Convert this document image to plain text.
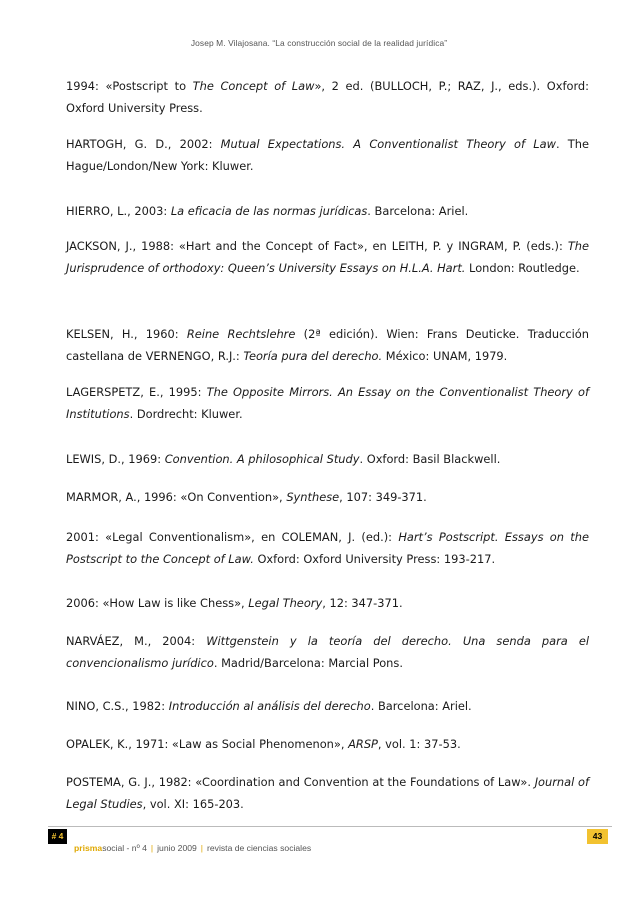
Josep M. Vilajosana. “La construcción social de la realidad jurídica”

1994: «Postscript to The Concept of Law», 2 ed. (BULLOCH, P.; RAZ, J., eds.). Oxford: Oxford University Press.

HARTOGH, G. D., 2002: Mutual Expectations. A Conventionalist Theory of Law. The Hague/London/New York: Kluwer.

HIERRO, L., 2003: La eficacia de las normas jurídicas. Barcelona: Ariel.

JACKSON, J., 1988: «Hart and the Concept of Fact», en LEITH, P. y INGRAM, P. (eds.): The Jurisprudence of orthodoxy: Queen’s University Essays on H.L.A. Hart. London: Routledge.

KELSEN, H., 1960: Reine Rechtslehre (2ª edición). Wien: Frans Deuticke. Traducción castellana de VERNENGO, R.J.: Teoría pura del derecho. México: UNAM, 1979.

LAGERSPETZ, E., 1995: The Opposite Mirrors. An Essay on the Conventionalist Theory of Institutions. Dordrecht: Kluwer.

LEWIS, D., 1969: Convention. A philosophical Study. Oxford: Basil Blackwell.

MARMOR, A., 1996: «On Convention», Synthese, 107: 349-371.

2001: «Legal Conventionalism», en COLEMAN, J. (ed.): Hart’s Postscript. Essays on the Postscript to the Concept of Law. Oxford: Oxford University Press: 193-217.

2006: «How Law is like Chess», Legal Theory, 12: 347-371.

NARVÁEZ, M., 2004: Wittgenstein y la teoría del derecho. Una senda para el convencionalismo jurídico. Madrid/Barcelona: Marcial Pons.

NINO, C.S., 1982: Introducción al análisis del derecho. Barcelona: Ariel.

OPALEK, K., 1971: «Law as Social Phenomenon», ARSP, vol. 1: 37-53.

POSTEMA, G. J., 1982: «Coordination and Convention at the Foundations of Law». Journal of Legal Studies, vol. XI: 165-203.

# 4	43
prismasocial - nº 4 | junio 2009 | revista de ciencias sociales
